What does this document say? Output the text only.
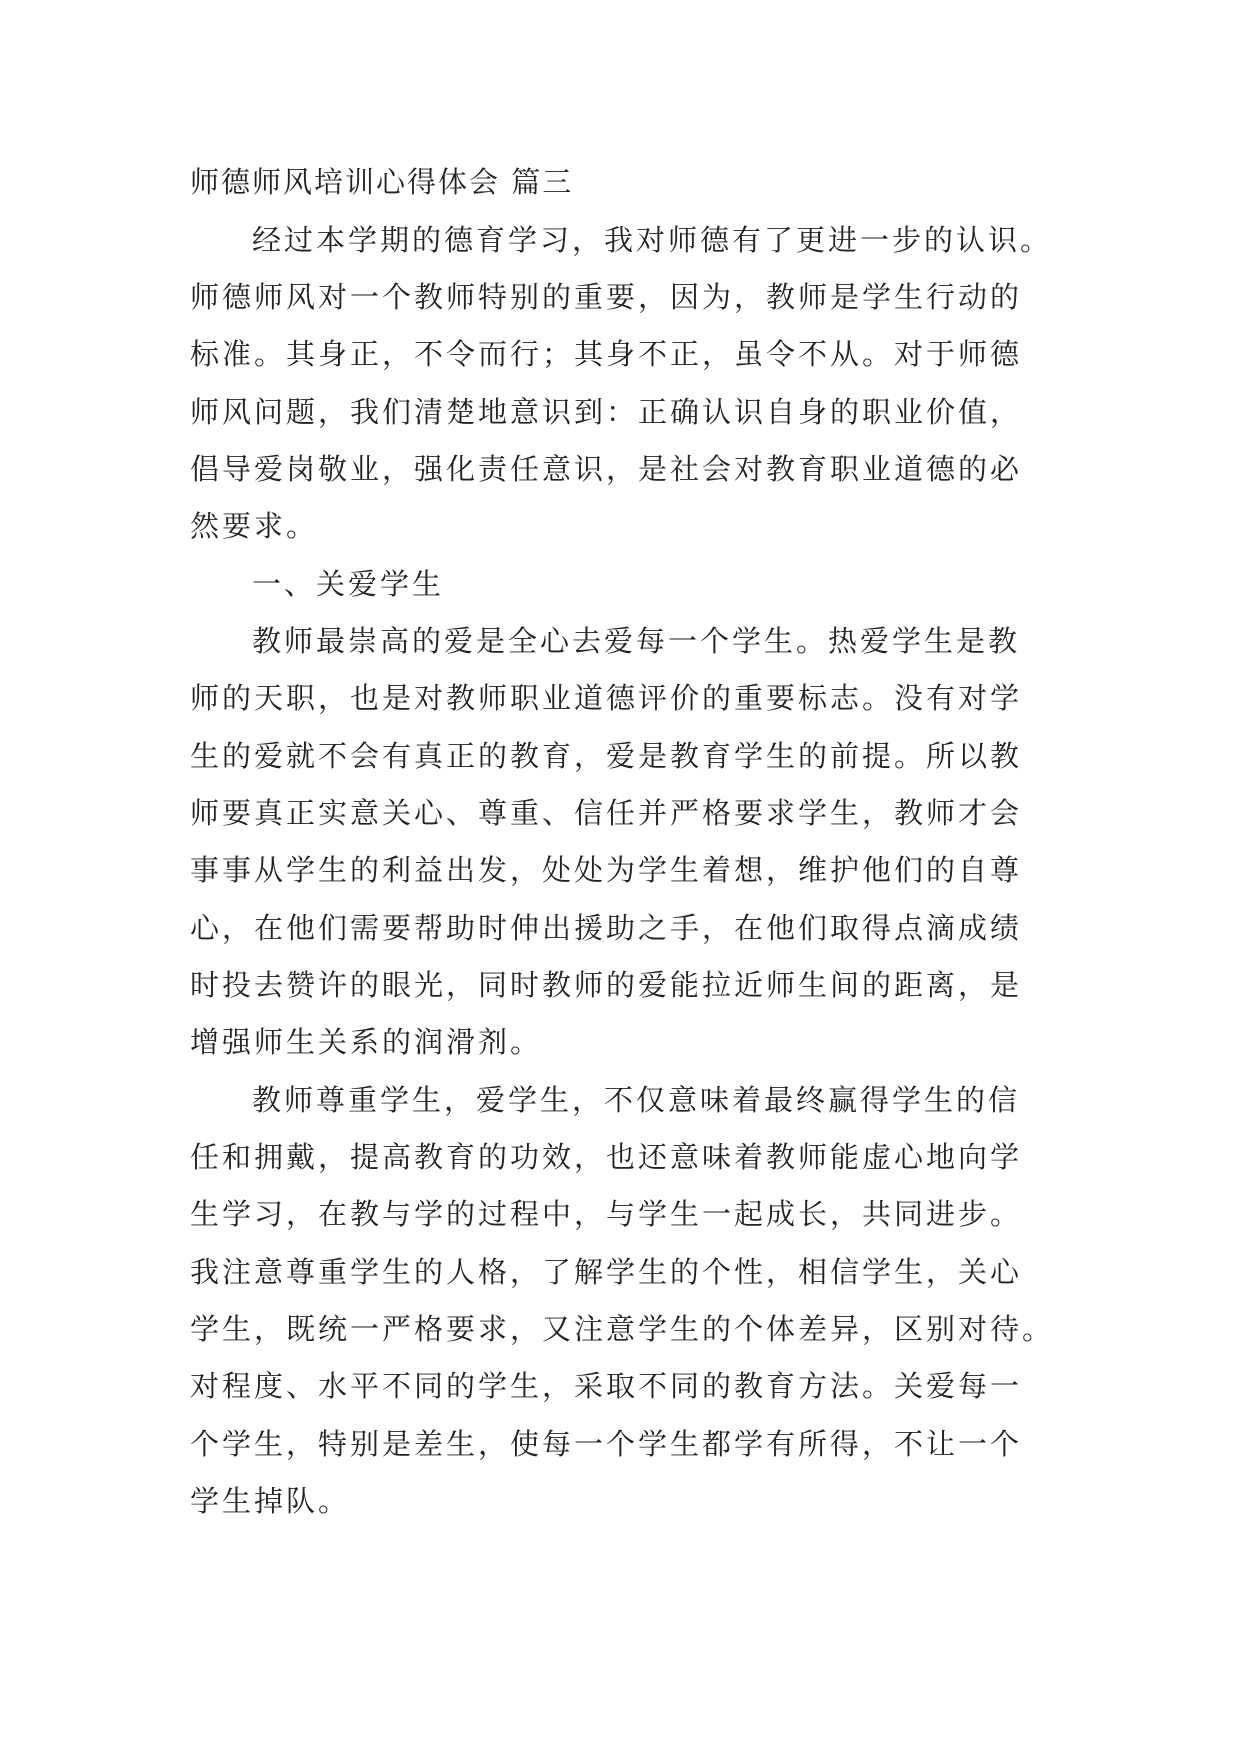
师德师风培训心得体会 篇三
经过本学期的德育学习，我对师德有了更进一步的认识。
师德师风对一个教师特别的重要，因为，教师是学生行动的
标准。其身正，不令而行；其身不正，虽令不从。对于师德
师风问题，我们清楚地意识到：正确认识自身的职业价值，
倡导爱岗敬业，强化责任意识，是社会对教育职业道德的必
然要求。
一、关爱学生
教师最崇高的爱是全心去爱每一个学生。热爱学生是教
师的天职，也是对教师职业道德评价的重要标志。没有对学
生的爱就不会有真正的教育，爱是教育学生的前提。所以教
师要真正实意关心、尊重、信任并严格要求学生，教师才会
事事从学生的利益出发，处处为学生着想，维护他们的自尊
心，在他们需要帮助时伸出援助之手，在他们取得点滴成绩
时投去赞许的眼光，同时教师的爱能拉近师生间的距离，是
增强师生关系的润滑剂。
教师尊重学生，爱学生，不仅意味着最终赢得学生的信
任和拥戴，提高教育的功效，也还意味着教师能虚心地向学
生学习，在教与学的过程中，与学生一起成长，共同进步。
我注意尊重学生的人格，了解学生的个性，相信学生，关心
学生，既统一严格要求，又注意学生的个体差异，区别对待。
对程度、水平不同的学生，采取不同的教育方法。关爱每一
个学生，特别是差生，使每一个学生都学有所得，不让一个
学生掉队。
